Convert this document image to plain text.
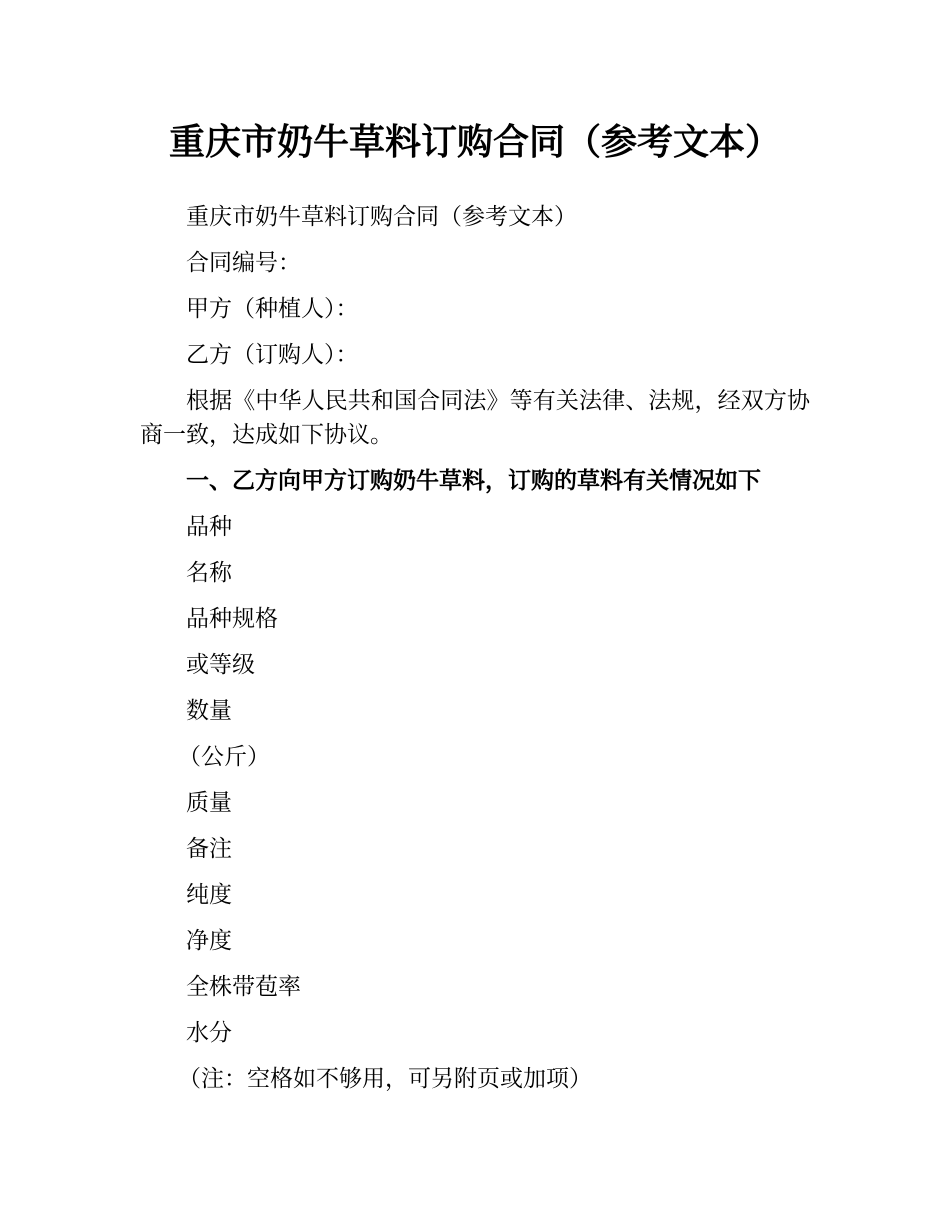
重庆市奶牛草料订购合同（参考文本）

重庆市奶牛草料订购合同（参考文本）

合同编号：

甲方（种植人）：

乙方（订购人）：

根据《中华人民共和国合同法》等有关法律、法规，经双方协商一致，达成如下协议。

一、乙方向甲方订购奶牛草料，订购的草料有关情况如下

品种

名称

品种规格

或等级

数量

（公斤）

质量

备注

纯度

净度

全株带苞率

水分

（注：空格如不够用，可另附页或加项）
